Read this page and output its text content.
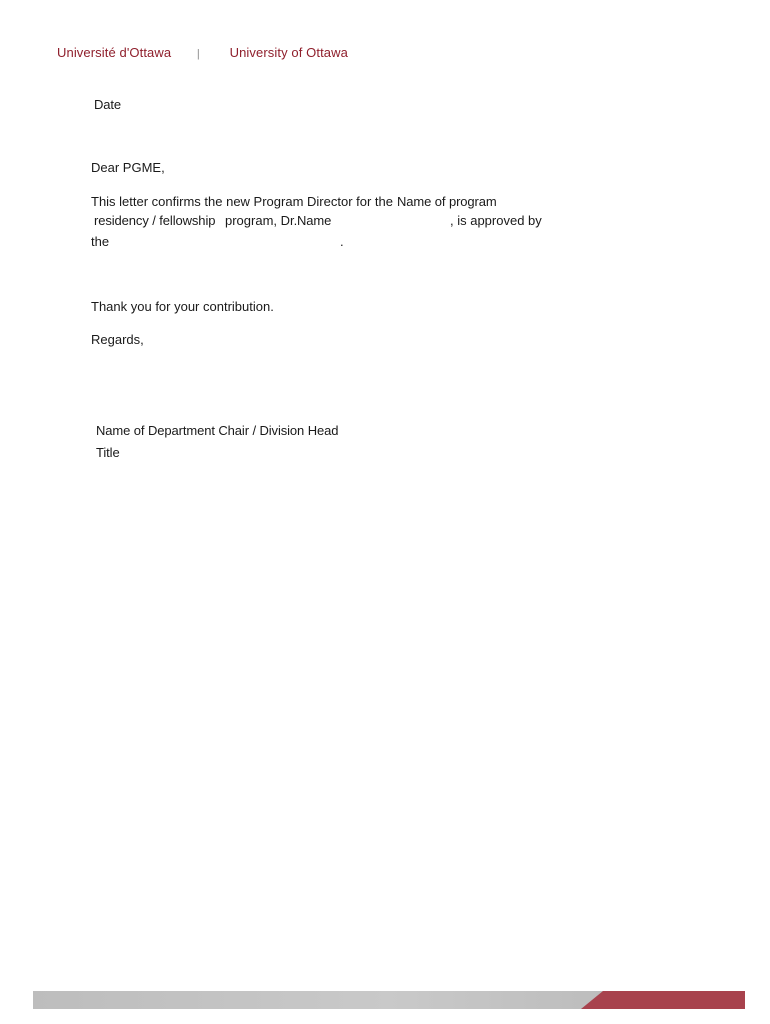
Université d'Ottawa | University of Ottawa
Date
Dear PGME,
This letter confirms the new Program Director for the Name of program
residency / fellowship program, Dr. Name	, is approved by
the	.
Thank you for your contribution.
Regards,
Name of Department Chair / Division Head
Title
